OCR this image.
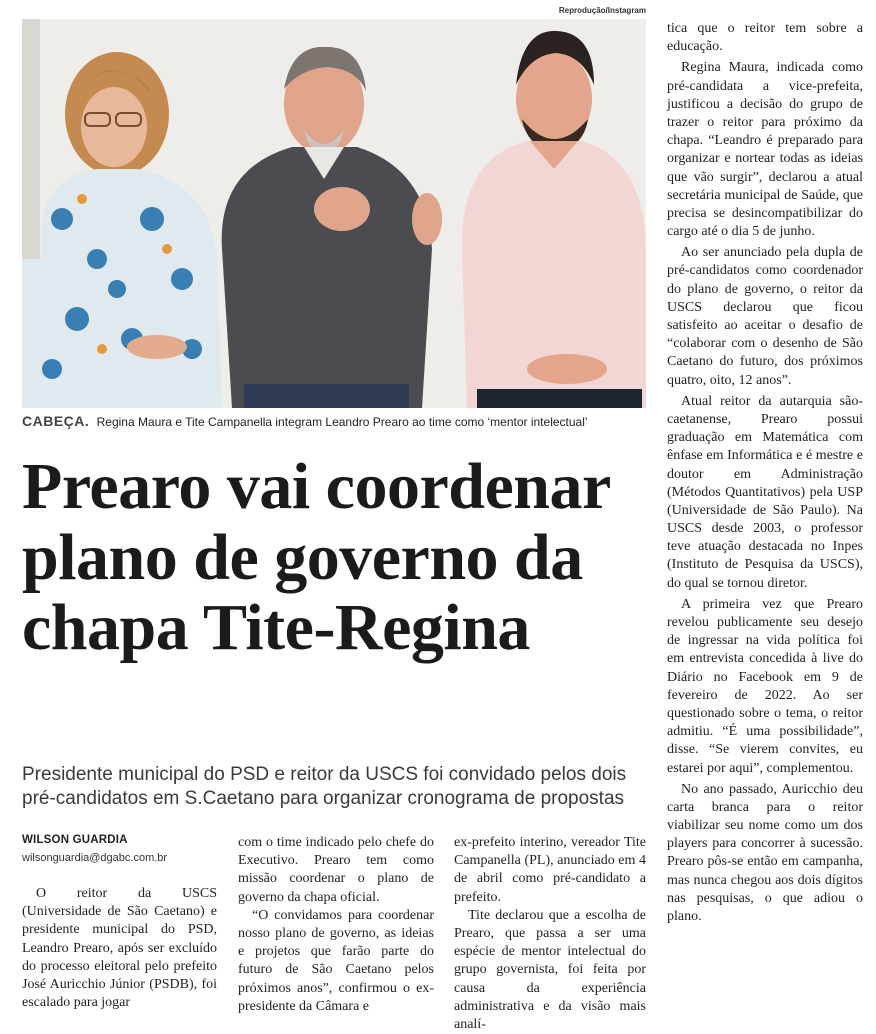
Reprodução/Instagram
CABEÇA. Regina Maura e Tite Campanella integram Leandro Prearo ao time como ‘mentor intelectual’
Prearo vai coordenar plano de governo da chapa Tite-Regina

Presidente municipal do PSD e reitor da USCS foi convidado pelos dois pré-candidatos em S.Caetano para organizar cronograma de propostas

WILSON GUARDIA
wilsonguardia@dgabc.com.br

O reitor da USCS (Universidade de São Caetano) e presidente municipal do PSD, Leandro Prearo, após ser excluído do processo eleitoral pelo prefeito José Auricchio Júnior (PSDB), foi escalado para jogar

com o time indicado pelo chefe do Executivo. Prearo tem como missão coordenar o plano de governo da chapa oficial.

“O convidamos para coordenar nosso plano de governo, as ideias e projetos que farão parte do futuro de São Caetano pelos próximos anos”, confirmou o ex-presidente da Câmara e

ex-prefeito interino, vereador Tite Campanella (PL), anunciado em 4 de abril como pré-candidato a prefeito.

Tite declarou que a escolha de Prearo, que passa a ser uma espécie de mentor intelectual do grupo governista, foi feita por causa da experiência administrativa e da visão mais analí-

tica que o reitor tem sobre a educação.

Regina Maura, indicada como pré-candidata a vice-prefeita, justificou a decisão do grupo de trazer o reitor para próximo da chapa. “Leandro é preparado para organizar e nortear todas as ideias que vão surgir”, declarou a atual secretária municipal de Saúde, que precisa se desincompatibilizar do cargo até o dia 5 de junho.

Ao ser anunciado pela dupla de pré-candidatos como coordenador do plano de governo, o reitor da USCS declarou que ficou satisfeito ao aceitar o desafio de “colaborar com o desenho de São Caetano do futuro, dos próximos quatro, oito, 12 anos”.

Atual reitor da autarquia são-caetanense, Prearo possui graduação em Matemática com ênfase em Informática e é mestre e doutor em Administração (Métodos Quantitativos) pela USP (Universidade de São Paulo). Na USCS desde 2003, o professor teve atuação destacada no Inpes (Instituto de Pesquisa da USCS), do qual se tornou diretor.

A primeira vez que Prearo revelou publicamente seu desejo de ingressar na vida política foi em entrevista concedida à live do Diário no Facebook em 9 de fevereiro de 2022. Ao ser questionado sobre o tema, o reitor admitiu. “É uma possibilidade”, disse. “Se vierem convites, eu estarei por aqui”, complementou.

No ano passado, Auricchio deu carta branca para o reitor viabilizar seu nome como um dos players para concorrer à sucessão. Prearo pôs-se então em campanha, mas nunca chegou aos dois dígitos nas pesquisas, o que adiou o plano.
